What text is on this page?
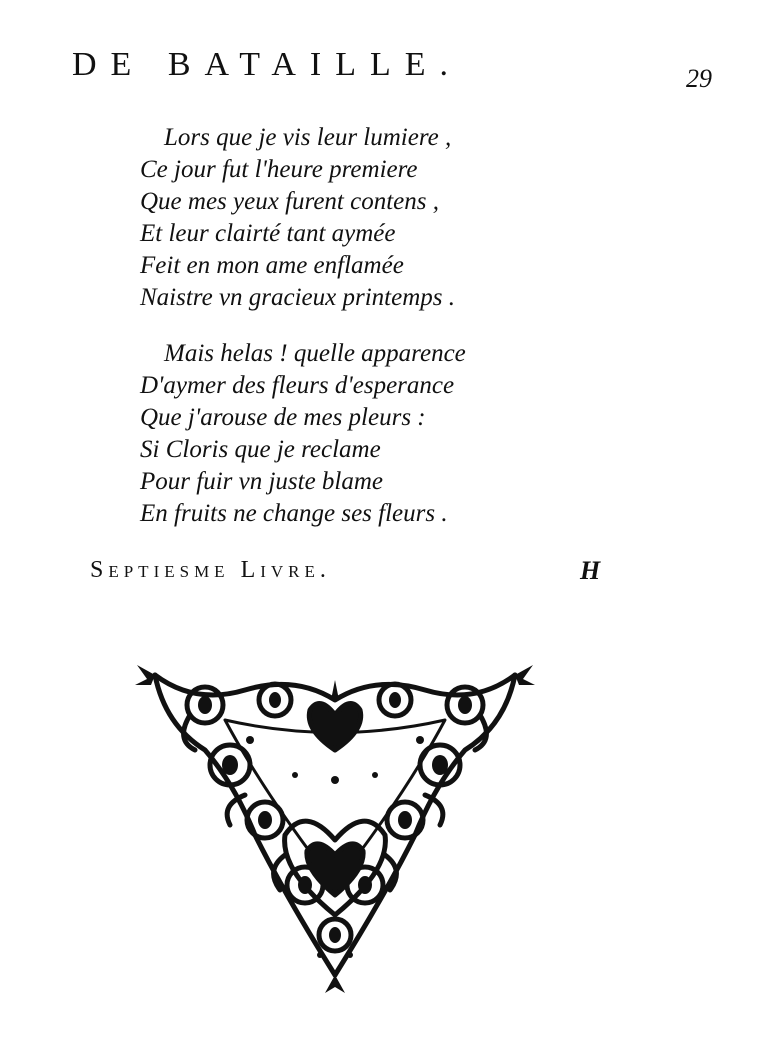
DE BATAILLE.	29
Lors que je vis leur lumiere ,
Ce jour fut l'heure premiere
Que mes yeux furent contens ,
Et leur clairté tant aymée
Feit en mon ame enflamée
Naistre vn gracieux printemps .
Mais helas ! quelle apparence
D'aymer des fleurs d'esperance
Que j'arouse de mes pleurs :
Si Cloris que je reclame
Pour fuir vn juste blame
En fruits ne change ses fleurs .
Septiesme Livre.	H
